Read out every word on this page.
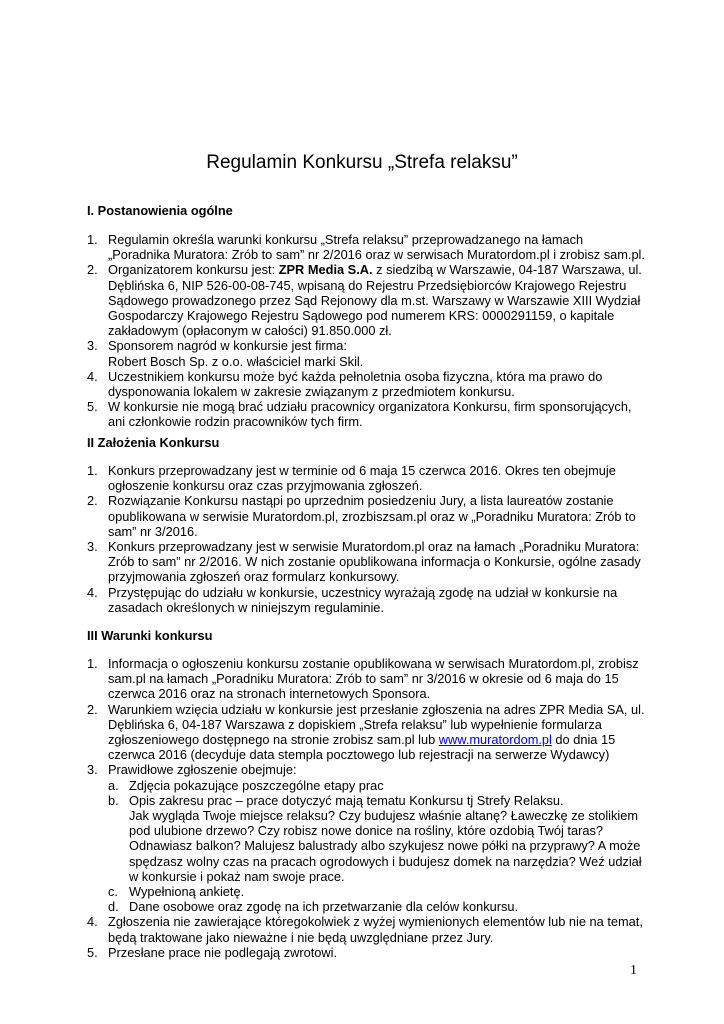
Regulamin Konkursu „Strefa relaksu”
I. Postanowienia ogólne
1. Regulamin określa warunki konkursu „Strefa relaksu” przeprowadzanego na łamach „Poradnika Muratora: Zrób to sam” nr 2/2016 oraz w serwisach Muratordom.pl i zrobisz sam.pl.
2. Organizatorem konkursu jest: ZPR Media S.A. z siedzibą w Warszawie, 04-187 Warszawa, ul. Dęblińska 6, NIP 526-00-08-745, wpisaną do Rejestru Przedsiębiorców Krajowego Rejestru Sądowego prowadzonego przez Sąd Rejonowy dla m.st. Warszawy w Warszawie XIII Wydział Gospodarczy Krajowego Rejestru Sądowego pod numerem KRS: 0000291159, o kapitale zakładowym (opłaconym w całości) 91.850.000 zł.
3. Sponsorem nagród w konkursie jest firma:
Robert Bosch Sp. z o.o. właściciel marki Skil.
4. Uczestnikiem konkursu może być każda pełnoletnia osoba fizyczna, która ma prawo do dysponowania lokalem w zakresie związanym z przedmiotem konkursu.
5. W konkursie nie mogą brać udziału pracownicy organizatora Konkursu, firm sponsorujących, ani członkowie rodzin pracowników tych firm.
II Założenia Konkursu
1. Konkurs przeprowadzany jest w terminie od 6 maja 15 czerwca 2016. Okres ten obejmuje ogłoszenie konkursu oraz czas przyjmowania zgłoszeń.
2. Rozwiązanie Konkursu nastąpi po uprzednim posiedzeniu Jury, a lista laureatów zostanie opublikowana w serwisie Muratordom.pl, zrozbiszsam.pl oraz w „Poradniku Muratora: Zrób to sam” nr 3/2016.
3. Konkurs przeprowadzany jest w serwisie Muratordom.pl oraz na łamach „Poradniku Muratora: Zrób to sam” nr 2/2016. W nich zostanie opublikowana informacja o Konkursie, ogólne zasady przyjmowania zgłoszeń oraz formularz konkursowy.
4. Przystępując do udziału w konkursie, uczestnicy wyrażają zgodę na udział w konkursie na zasadach określonych w niniejszym regulaminie.
III Warunki konkursu
1. Informacja o ogłoszeniu konkursu zostanie opublikowana w serwisach Muratordom.pl, zrobisz sam.pl na łamach „Poradniku Muratora: Zrób to sam” nr 3/2016 w okresie od 6 maja do 15 czerwca 2016 oraz na stronach internetowych Sponsora.
2. Warunkiem wzięcia udziału w konkursie jest przesłanie zgłoszenia na adres ZPR Media SA, ul. Dęblińska 6, 04-187 Warszawa z dopiskiem „Strefa relaksu” lub wypełnienie formularza zgłoszeniowego dostępnego na stronie zrobisz sam.pl lub www.muratordom.pl do dnia 15 czerwca 2016 (decyduje data stempla pocztowego lub rejestracji na serwerze Wydawcy)
3. Prawidłowe zgłoszenie obejmuje:
a. Zdjęcia pokazujące poszczególne etapy prac
b. Opis zakresu prac – prace dotyczyć mają tematu Konkursu tj Strefy Relaksu.
Jak wygląda Twoje miejsce relaksu? Czy budujesz właśnie altanę? Ławeczkę ze stolikiem pod ulubione drzewo? Czy robisz nowe donice na rośliny, które ozdobią Twój taras? Odnawiasz balkon? Malujesz balustrady albo szykujesz nowe półki na przyprawy? A może spędzasz wolny czas na pracach ogrodowych i budujesz domek na narzędzia? Weź udział w konkursie i pokaż nam swoje prace.
c. Wypełnioną ankietę.
d. Dane osobowe oraz zgodę na ich przetwarzanie dla celów konkursu.
4. Zgłoszenia nie zawierające któregokolwiek z wyżej wymienionych elementów lub nie na temat, będą traktowane jako nieważne i nie będą uwzględniane przez Jury.
5. Przesłane prace nie podlegają zwrotowi.
1
